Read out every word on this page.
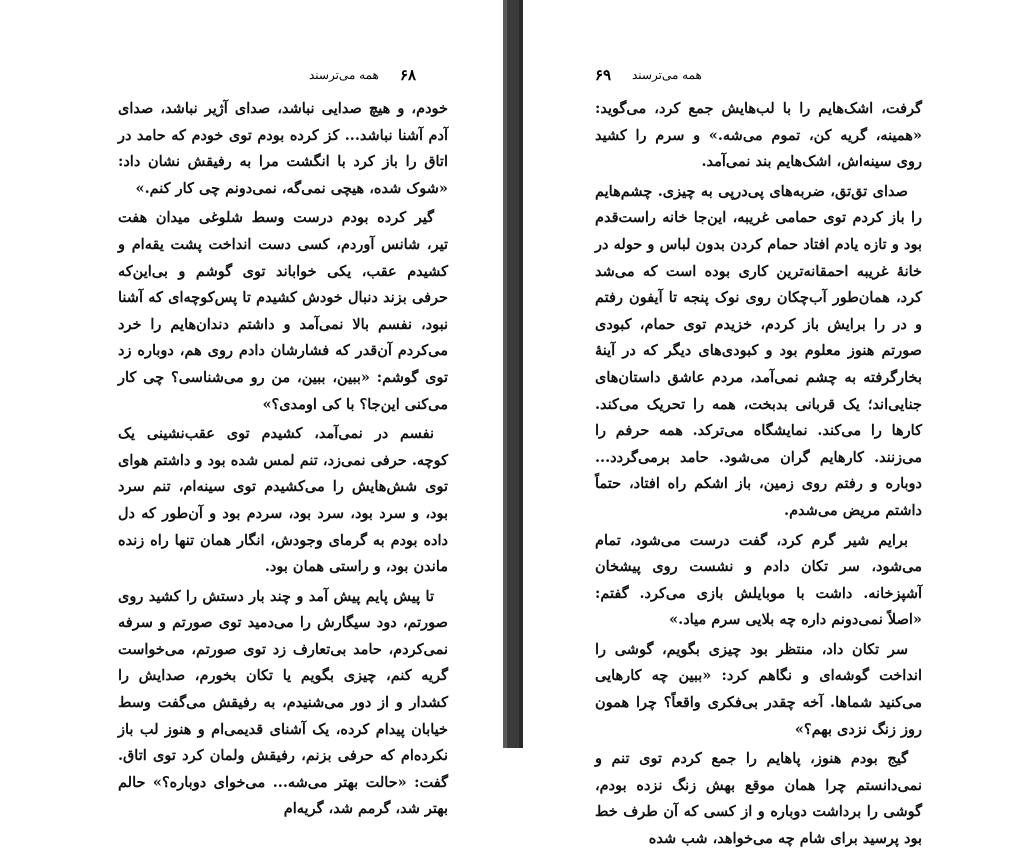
همه می‌ترسند ۶۸

خودم، و هیچ صدایی نباشد، صدای آژیر نباشد، صدای آدم آشنا نباشد... کز کرده بودم توی خودم که حامد در اتاق را باز کرد با انگشت مرا به رفیقش نشان داد: «شوک شده، هیچی نمی‌گه، نمی‌دونم چی کار کنم.»

گیر کرده بودم درست وسط شلوغی میدان هفت تیر، شانس آوردم، کسی دست انداخت پشت یقه‌ام و کشیدم عقب، یکی خواباند توی گوشم و بی‌این‌که حرفی بزند دنبال خودش کشیدم تا پس‌کوچه‌ای که آشنا نبود، نفسم بالا نمی‌آمد و داشتم دندان‌هایم را خرد می‌کردم آن‌قدر که فشارشان دادم روی هم، دوباره زد توی گوشم: «ببین، ببین، من رو می‌شناسی؟ چی کار می‌کنی این‌جا؟ با کی اومدی؟»

نفسم در نمی‌آمد، کشیدم توی عقب‌نشینی یک کوچه. حرفی نمی‌زد، تنم لمس شده بود و داشتم هوای توی شش‌هایش را می‌کشیدم توی سینه‌ام، تنم سرد بود، و سرد بود، سرد بود، سردم بود و آن‌طور که دل داده بودم به گرمای وجودش، انگار همان تنها راه زنده ماندن بود، و راستی همان بود.

تا پیش پایم پیش آمد و چند بار دستش را کشید روی صورتم، دود سیگارش را می‌دمید توی صورتم و سرفه نمی‌کردم، حامد بی‌تعارف زد توی صورتم، می‌خواست گریه کنم، چیزی بگویم یا تکان بخورم، صدایش را کشدار و از دور می‌شنیدم، به رفیقش می‌گفت وسط خیابان پیدام کرده، یک آشنای قدیمی‌ام و هنوز لب باز نکرده‌ام که حرفی بزنم، رفیقش ولمان کرد توی اتاق. گفت: «حالت بهتر می‌شه... می‌خوای دوباره؟» حالم بهتر شد، گرمم شد، گریه‌ام

همه می‌ترسند
۶۹

گرفت، اشک‌هایم را با لب‌هایش جمع کرد، می‌گوید: «همینه، گریه کن، تموم می‌شه.» و سرم را کشید روی سینه‌اش، اشک‌هایم بند نمی‌آمد.

صدای تق‌تق، ضربه‌های پی‌درپی به چیزی. چشم‌هایم را باز کردم توی حمامی غریبه، این‌جا خانه راست‌قدم بود و تازه یادم افتاد حمام کردن بدون لباس و حوله در خانهٔ غریبه احمقانه‌ترین کاری بوده است که می‌شد کرد، همان‌طور آب‌چکان روی نوک پنجه تا آیفون رفتم و در را برایش باز کردم، خزیدم توی حمام، کبودی صورتم هنوز معلوم بود و کبودی‌های دیگر که در آینهٔ بخارگرفته به چشم نمی‌آمد، مردم عاشق داستان‌های جنایی‌اند؛ یک قربانی بدبخت، همه را تحریک می‌کند. کارها را می‌کند. نمایشگاه می‌ترکد. همه حرفم را می‌زنند. کارهایم گران می‌شود. حامد برمی‌گردد... دوباره و رفتم روی زمین، باز اشکم راه افتاد، حتماً داشتم مریض می‌شدم.

برایم شیر گرم کرد، گفت درست می‌شود، تمام می‌شود، سر تکان دادم و نشست روی پیشخان آشپزخانه. داشت با موبایلش بازی می‌کرد. گفتم: «اصلاً نمی‌دونم داره چه بلایی سرم میاد.»

سر تکان داد، منتظر بود چیزی بگویم، گوشی را انداخت گوشه‌ای و نگاهم کرد: «ببین چه کارهایی می‌کنید شماها. آخه چقدر بی‌فکری واقعاً؟ چرا همون روز زنگ نزدی بهم؟»

گیج بودم هنوز، پاهایم را جمع کردم توی تنم و نمی‌دانستم چرا همان موقع بهش زنگ نزده بودم، گوشی را برداشت دوباره و از کسی که آن طرف خط بود پرسید برای شام چه می‌خواهد، شب شده
